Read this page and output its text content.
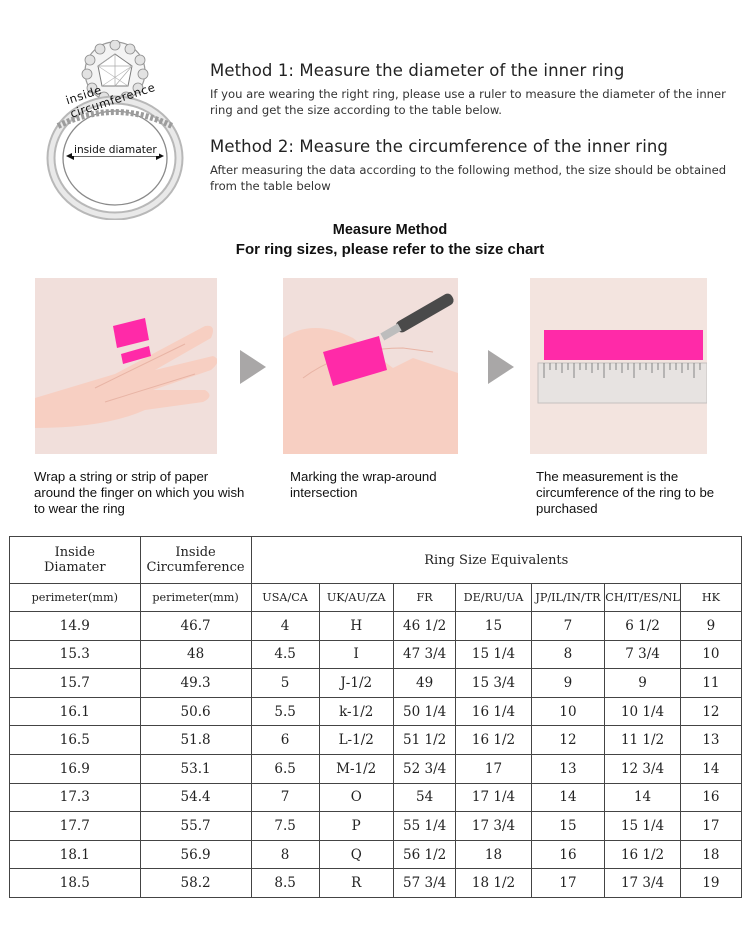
inside circumference
inside diamater
Method 1: Measure the diameter of the inner ring

If you are wearing the right ring, please use a ruler to measure the diameter of the inner ring and get the size according to the table below.

Method 2: Measure the circumference of the inner ring

After measuring the data according to the following method, the size should be obtained from the table below

Measure Method
For ring sizes, please refer to the size chart
Wrap a string or strip of paper around the finger on which you wish to wear the ring
Marking the wrap-around intersection
The measurement is the circumference of the ring to be purchased
Inside Diamater	Inside Circumference	Ring Size Equivalents						
perimeter(mm)	perimeter(mm)	USA/CA	UK/AU/ZA	FR	DE/RU/UA	JP/IL/IN/TR	CH/IT/ES/NL	HK
14.9	46.7	4	H	46 1/2	15	7	6 1/2	9
15.3	48	4.5	I	47 3/4	15 1/4	8	7 3/4	10
15.7	49.3	5	J-1/2	49	15 3/4	9	9	11
16.1	50.6	5.5	k-1/2	50 1/4	16 1/4	10	10 1/4	12
16.5	51.8	6	L-1/2	51 1/2	16 1/2	12	11 1/2	13
16.9	53.1	6.5	M-1/2	52 3/4	17	13	12 3/4	14
17.3	54.4	7	O	54	17 1/4	14	14	16
17.7	55.7	7.5	P	55 1/4	17 3/4	15	15 1/4	17
18.1	56.9	8	Q	56 1/2	18	16	16 1/2	18
18.5	58.2	8.5	R	57 3/4	18 1/2	17	17 3/4	19
